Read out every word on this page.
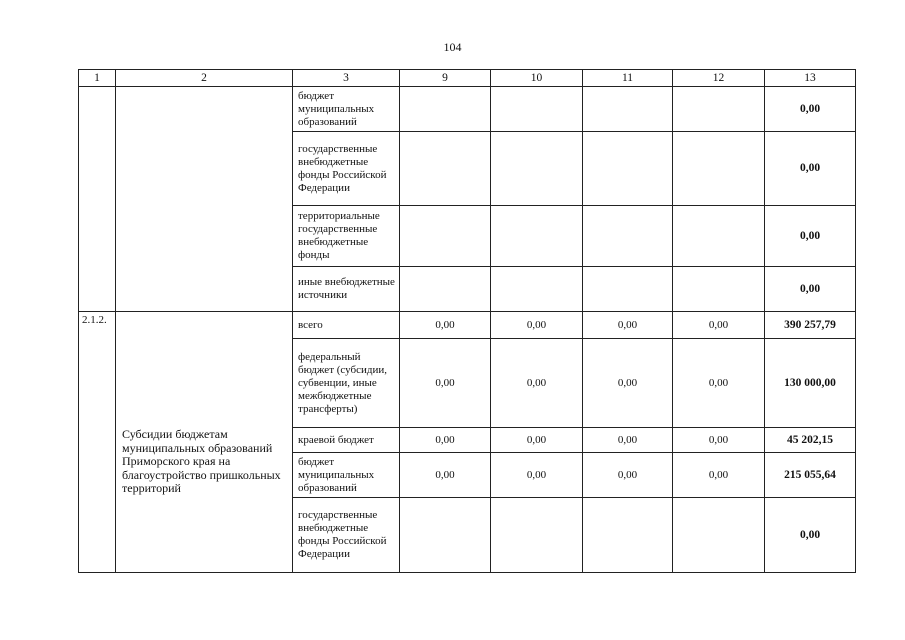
104
1	2	3	9	10	11	12	13
		бюджет муниципальных образований					0,00
		государственные внебюджетные фонды Российской Федерации					0,00
		территориальные государственные внебюджетные фонды					0,00
		иные внебюджетные источники					0,00
2.1.2.	Субсидии бюджетам муниципальных образований Приморского края на благоустройство пришкольных территорий	всего	0,00	0,00	0,00	0,00	390 257,79
		федеральный бюджет (субсидии, субвенции, иные межбюджетные трансферты)	0,00	0,00	0,00	0,00	130 000,00
		краевой бюджет	0,00	0,00	0,00	0,00	45 202,15
		бюджет муниципальных образований	0,00	0,00	0,00	0,00	215 055,64
		государственные внебюджетные фонды Российской Федерации					0,00
